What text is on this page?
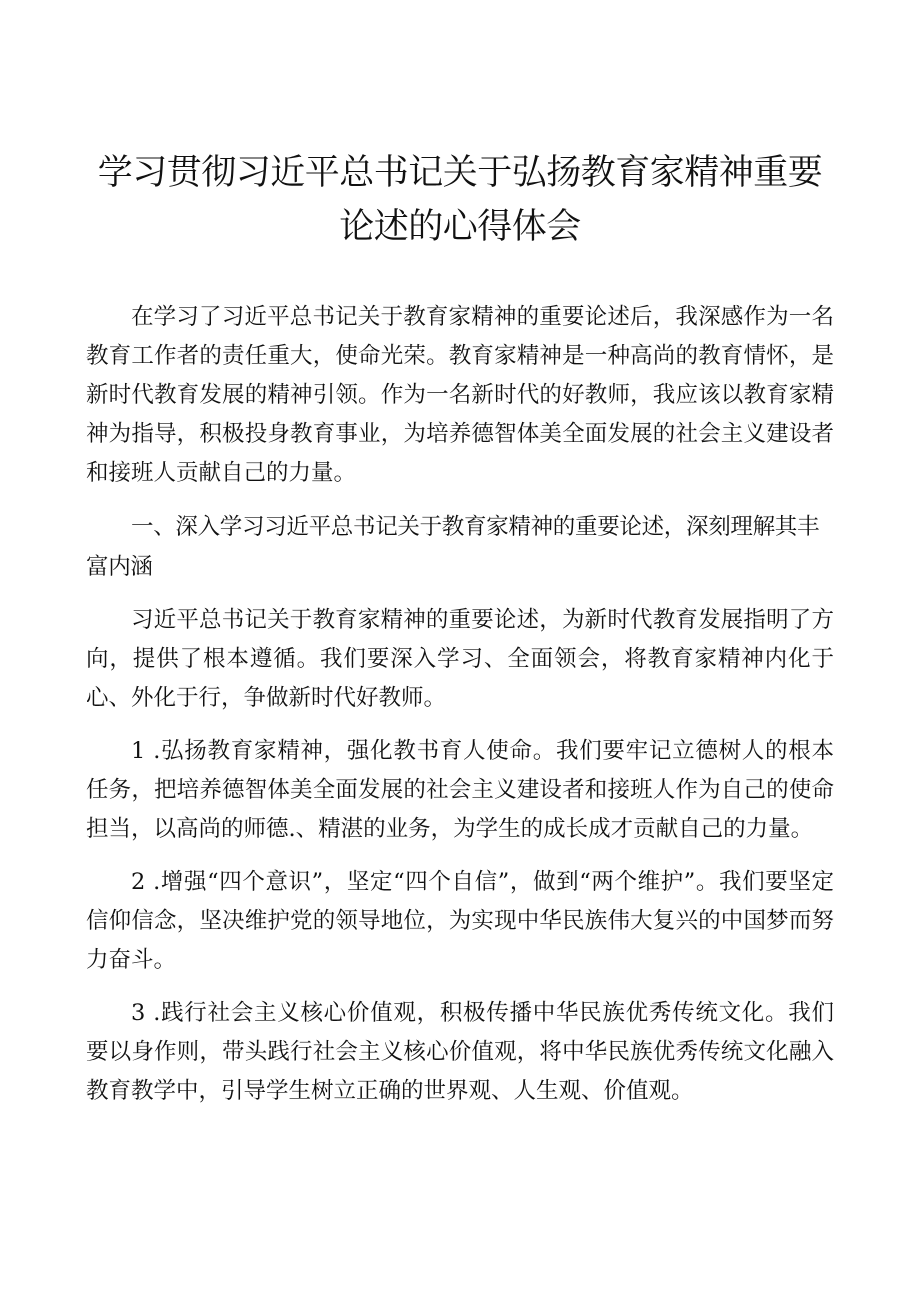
学习贯彻习近平总书记关于弘扬教育家精神重要
论述的心得体会

在学习了习近平总书记关于教育家精神的重要论述后，我深感作为一名教育工作者的责任重大，使命光荣。教育家精神是一种高尚的教育情怀，是新时代教育发展的精神引领。作为一名新时代的好教师，我应该以教育家精神为指导，积极投身教育事业，为培养德智体美全面发展的社会主义建设者和接班人贡献自己的力量。

一、深入学习习近平总书记关于教育家精神的重要论述，深刻理解其丰富内涵

习近平总书记关于教育家精神的重要论述，为新时代教育发展指明了方向，提供了根本遵循。我们要深入学习、全面领会，将教育家精神内化于心、外化于行，争做新时代好教师。

1 .弘扬教育家精神，强化教书育人使命。我们要牢记立德树人的根本任务，把培养德智体美全面发展的社会主义建设者和接班人作为自己的使命担当，以高尚的师德.、精湛的业务，为学生的成长成才贡献自己的力量。

2 .增强“四个意识”，坚定“四个自信”，做到“两个维护”。我们要坚定信仰信念，坚决维护党的领导地位，为实现中华民族伟大复兴的中国梦而努力奋斗。

3 .践行社会主义核心价值观，积极传播中华民族优秀传统文化。我们要以身作则，带头践行社会主义核心价值观，将中华民族优秀传统文化融入教育教学中，引导学生树立正确的世界观、人生观、价值观。
